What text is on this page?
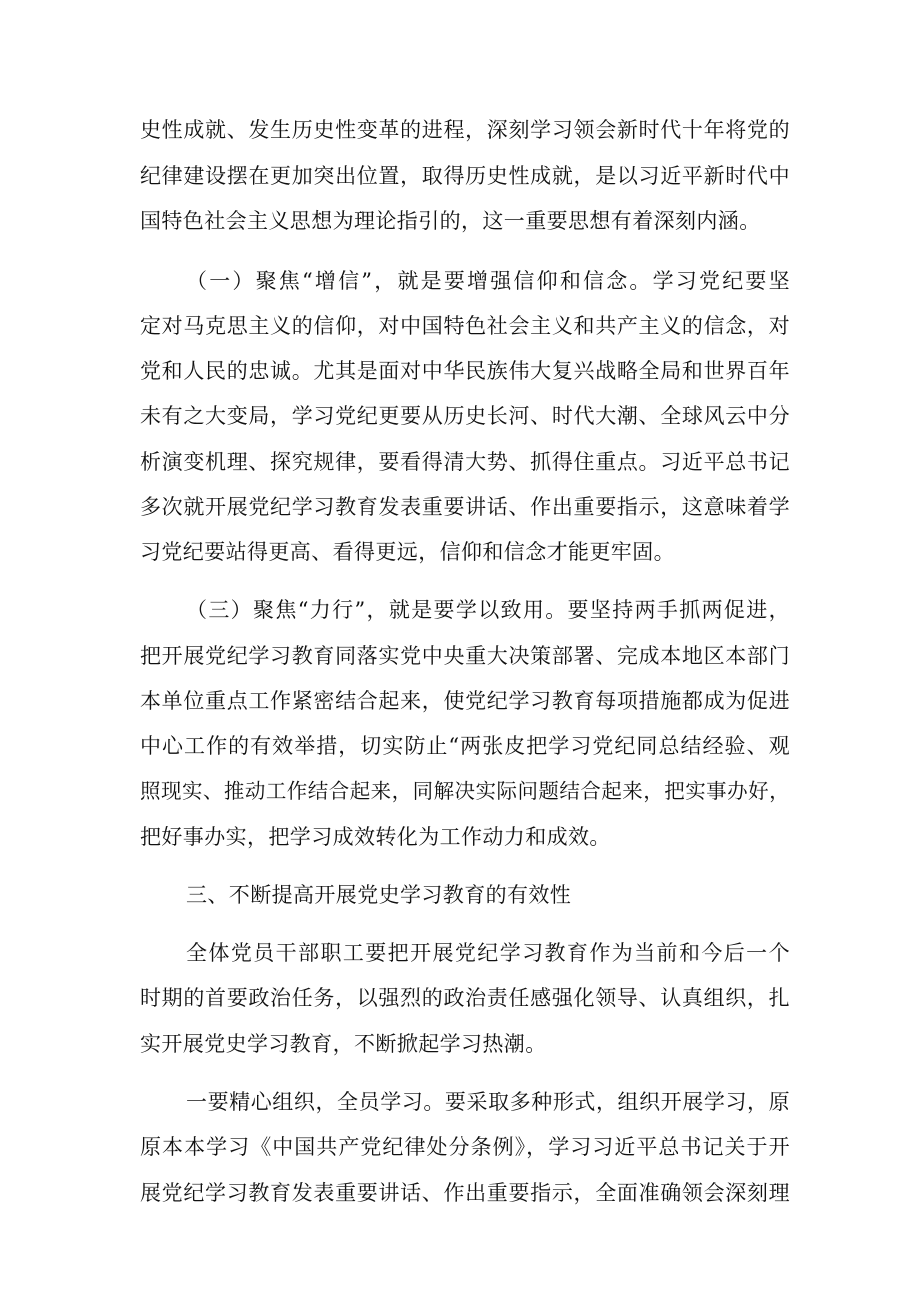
史性成就、发生历史性变革的进程，深刻学习领会新时代十年将党的
纪律建设摆在更加突出位置，取得历史性成就，是以习近平新时代中
国特色社会主义思想为理论指引的，这一重要思想有着深刻内涵。
（一）聚焦“增信”，就是要增强信仰和信念。学习党纪要坚
定对马克思主义的信仰，对中国特色社会主义和共产主义的信念，对
党和人民的忠诚。尤其是面对中华民族伟大复兴战略全局和世界百年
未有之大变局，学习党纪更要从历史长河、时代大潮、全球风云中分
析演变机理、探究规律，要看得清大势、抓得住重点。习近平总书记
多次就开展党纪学习教育发表重要讲话、作出重要指示，这意味着学
习党纪要站得更高、看得更远，信仰和信念才能更牢固。
（三）聚焦“力行”，就是要学以致用。要坚持两手抓两促进，
把开展党纪学习教育同落实党中央重大决策部署、完成本地区本部门
本单位重点工作紧密结合起来，使党纪学习教育每项措施都成为促进
中心工作的有效举措，切实防止“两张皮把学习党纪同总结经验、观
照现实、推动工作结合起来，同解决实际问题结合起来，把实事办好，
把好事办实，把学习成效转化为工作动力和成效。
三、不断提高开展党史学习教育的有效性
全体党员干部职工要把开展党纪学习教育作为当前和今后一个
时期的首要政治任务，以强烈的政治责任感强化领导、认真组织，扎
实开展党史学习教育，不断掀起学习热潮。
一要精心组织，全员学习。要采取多种形式，组织开展学习，原
原本本学习《中国共产党纪律处分条例》，学习习近平总书记关于开
展党纪学习教育发表重要讲话、作出重要指示，全面准确领会深刻理
